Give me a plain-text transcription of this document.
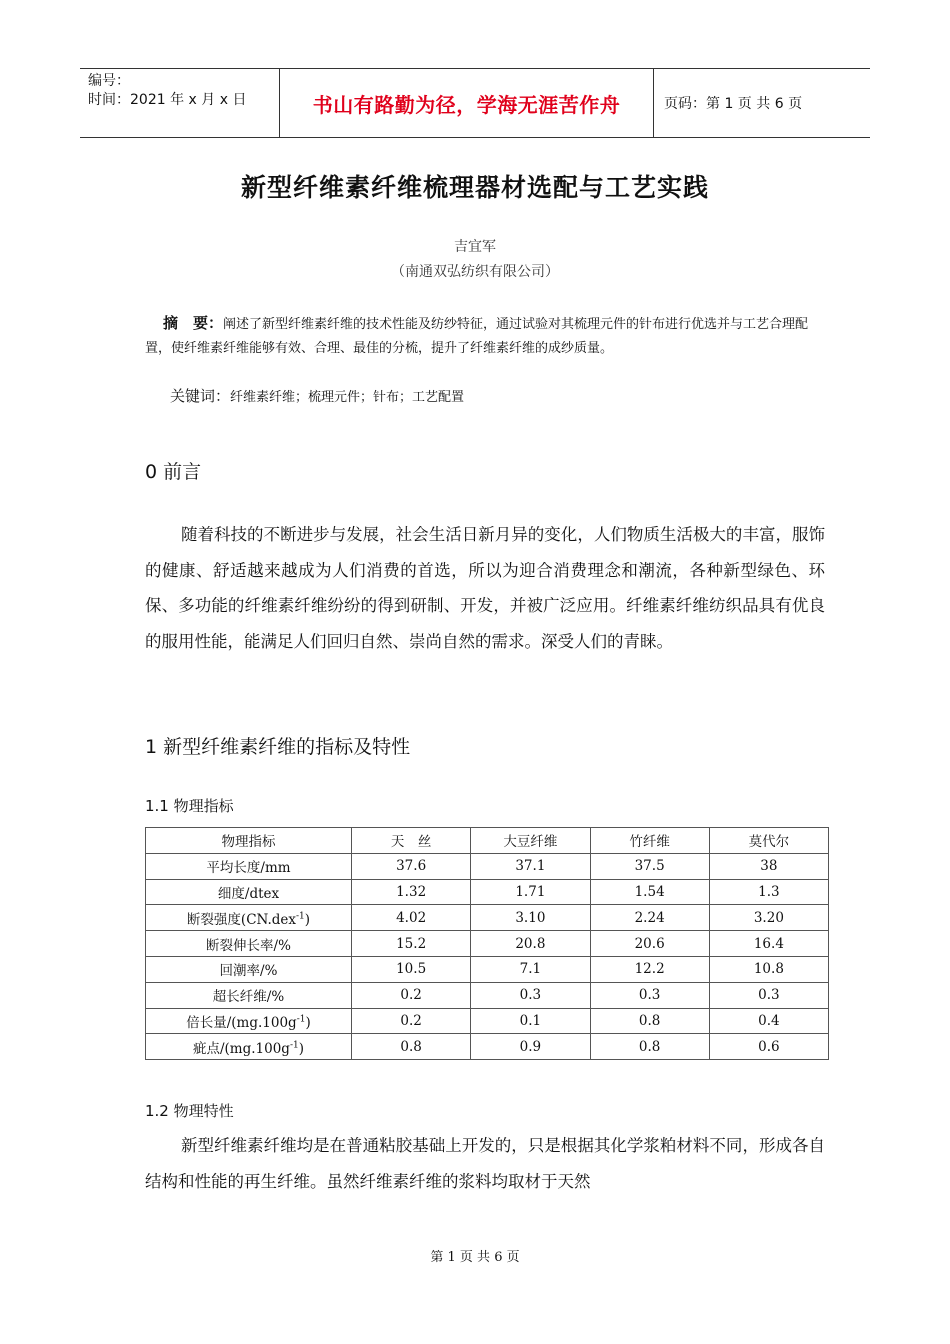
编号：
时间：2021 年 x 月 x 日	书山有路勤为径，学海无涯苦作舟	页码：第 1 页 共 6 页
新型纤维素纤维梳理器材选配与工艺实践
吉宜军
（南通双弘纺织有限公司）
摘　要：阐述了新型纤维素纤维的技术性能及纺纱特征，通过试验对其梳理元件的针布进行优选并与工艺合理配置，使纤维素纤维能够有效、合理、最佳的分梳，提升了纤维素纤维的成纱质量。
关键词：纤维素纤维；梳理元件；针布；工艺配置
0 前言

随着科技的不断进步与发展，社会生活日新月异的变化，人们物质生活极大的丰富，服饰的健康、舒适越来越成为人们消费的首选，所以为迎合消费理念和潮流，各种新型绿色、环保、多功能的纤维素纤维纷纷的得到研制、开发，并被广泛应用。纤维素纤维纺织品具有优良的服用性能，能满足人们回归自然、崇尚自然的需求。深受人们的青睐。

1 新型纤维素纤维的指标及特性
1.1 物理指标
物理指标	天　丝	大豆纤维	竹纤维	莫代尔
平均长度/mm	37.6	37.1	37.5	38
细度/dtex	1.32	1.71	1.54	1.3
断裂强度(CN.dex$^{-1}$)	4.02	3.10	2.24	3.20
断裂伸长率/%	15.2	20.8	20.6	16.4
回潮率/%	10.5	7.1	12.2	10.8
超长纤维/%	0.2	0.3	0.3	0.3
倍长量$/(mg.100g^{-1})$	0.2	0.1	0.8	0.4
疵点$/(mg.100g^{-1})$	0.8	0.9	0.8	0.6
1.2 物理特性

新型纤维素纤维均是在普通粘胶基础上开发的，只是根据其化学浆粕材料不同，形成各自结构和性能的再生纤维。虽然纤维素纤维的浆料均取材于天然

第 1 页 共 6 页
